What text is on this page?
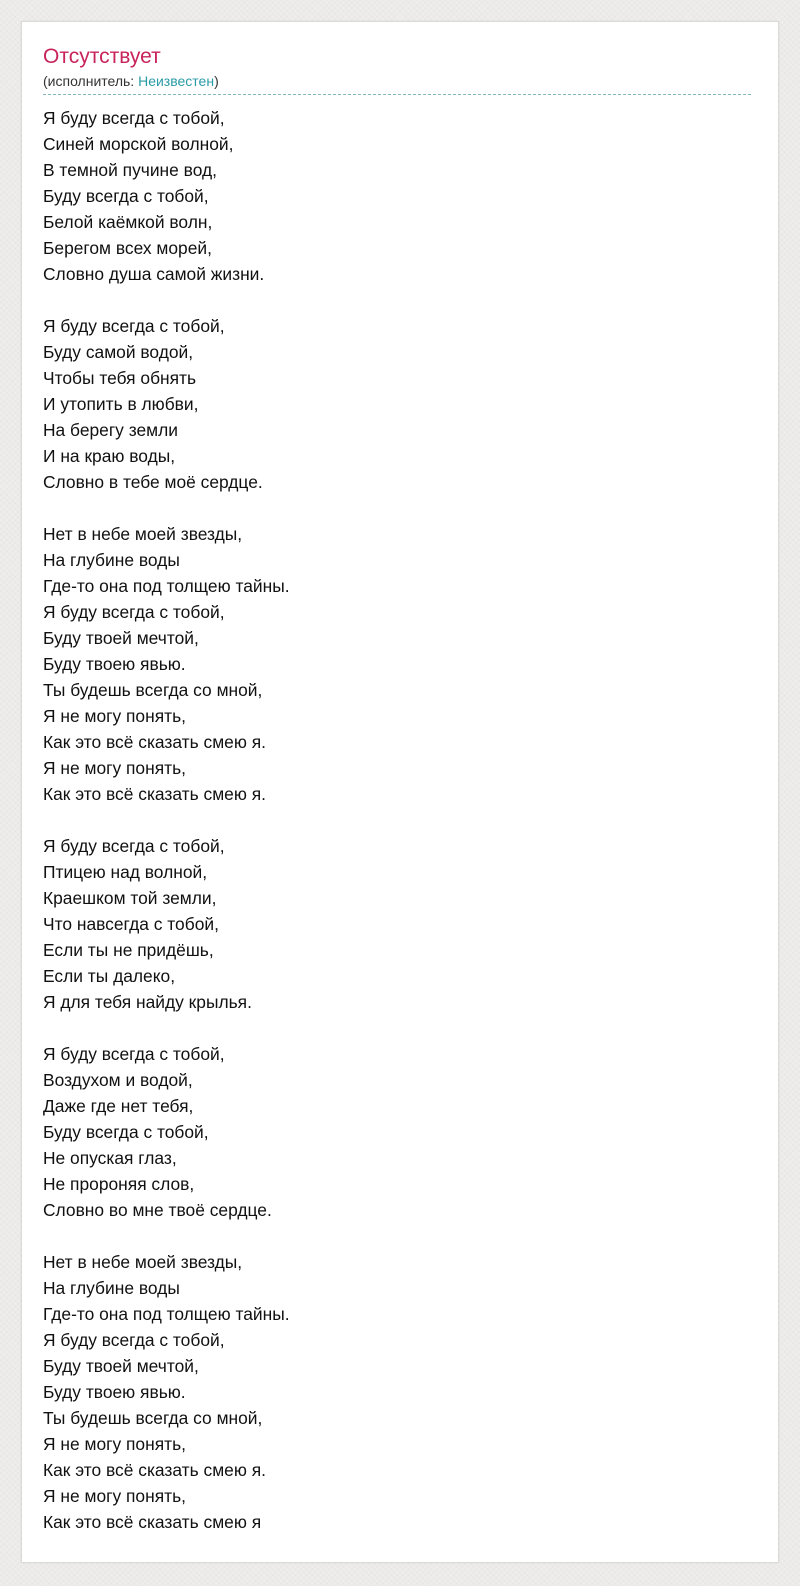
Отсутствует
(исполнитель: Неизвестен)
Я буду всегда с тобой,
Синей морской волной,
В темной пучине вод,
Буду всегда с тобой,
Белой каёмкой волн,
Берегом всех морей,
Словно душа самой жизни.
Я буду всегда с тобой,
Буду самой водой,
Чтобы тебя обнять
И утопить в любви,
На берегу земли
И на краю воды,
Словно в тебе моё сердце.
Нет в небе моей звезды,
На глубине воды
Где-то она под толщею тайны.
Я буду всегда с тобой,
Буду твоей мечтой,
Буду твоею явью.
Ты будешь всегда со мной,
Я не могу понять,
Как это всё сказать смею я.
Я не могу понять,
Как это всё сказать смею я.
Я буду всегда с тобой,
Птицею над волной,
Краешком той земли,
Что навсегда с тобой,
Если ты не придёшь,
Если ты далеко,
Я для тебя найду крылья.
Я буду всегда с тобой,
Воздухом и водой,
Даже где нет тебя,
Буду всегда с тобой,
Не опуская глаз,
Не пророняя слов,
Словно во мне твоё сердце.
Нет в небе моей звезды,
На глубине воды
Где-то она под толщею тайны.
Я буду всегда с тобой,
Буду твоей мечтой,
Буду твоею явью.
Ты будешь всегда со мной,
Я не могу понять,
Как это всё сказать смею я.
Я не могу понять,
Как это всё сказать смею я
